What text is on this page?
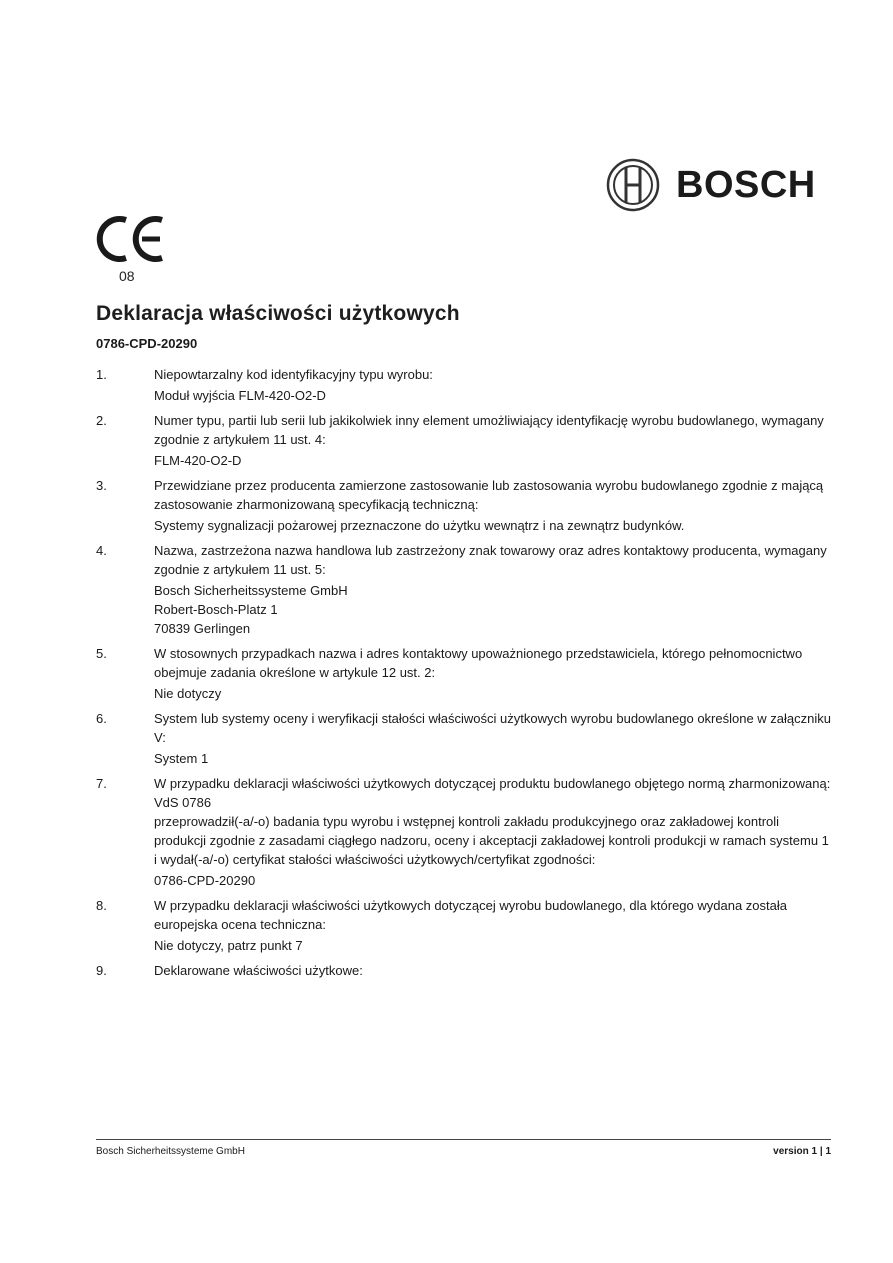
BOSCH
08
Deklaracja właściwości użytkowych

0786-CPD-20290

1.	Niepowtarzalny kod identyfikacyjny typu wyrobu:

Moduł wyjścia FLM-420-O2-D

2.	Numer typu, partii lub serii lub jakikolwiek inny element umożliwiający identyfikację wyrobu budowlanego, wymagany zgodnie z artykułem 11 ust. 4:

FLM-420-O2-D

3.	Przewidziane przez producenta zamierzone zastosowanie lub zastosowania wyrobu budowlanego zgodnie z mającą zastosowanie zharmonizowaną specyfikacją techniczną:

Systemy sygnalizacji pożarowej przeznaczone do użytku wewnątrz i na zewnątrz budynków.

4.	Nazwa, zastrzeżona nazwa handlowa lub zastrzeżony znak towarowy oraz adres kontaktowy producenta, wymagany zgodnie z artykułem 11 ust. 5:

Bosch Sicherheitssysteme GmbH
Robert-Bosch-Platz 1
70839 Gerlingen

5.	W stosownych przypadkach nazwa i adres kontaktowy upoważnionego przedstawiciela, którego pełnomocnictwo obejmuje zadania określone w artykule 12 ust. 2:

Nie dotyczy

6.	System lub systemy oceny i weryfikacji stałości właściwości użytkowych wyrobu budowlanego określone w załączniku V:

System 1

7.	W przypadku deklaracji właściwości użytkowych dotyczącej produktu budowlanego objętego normą zharmonizowaną:
VdS 0786
przeprowadził(-a/-o) badania typu wyrobu i wstępnej kontroli zakładu produkcyjnego oraz zakładowej kontroli produkcji zgodnie z zasadami ciągłego nadzoru, oceny i akceptacji zakładowej kontroli produkcji w ramach systemu 1
i wydał(-a/-o) certyfikat stałości właściwości użytkowych/certyfikat zgodności:

0786-CPD-20290

8.	W przypadku deklaracji właściwości użytkowych dotyczącej wyrobu budowlanego, dla którego wydana została europejska ocena techniczna:

Nie dotyczy, patrz punkt 7

9.	Deklarowane właściwości użytkowe:

Bosch Sicherheitssysteme GmbH	version 1 | 1
